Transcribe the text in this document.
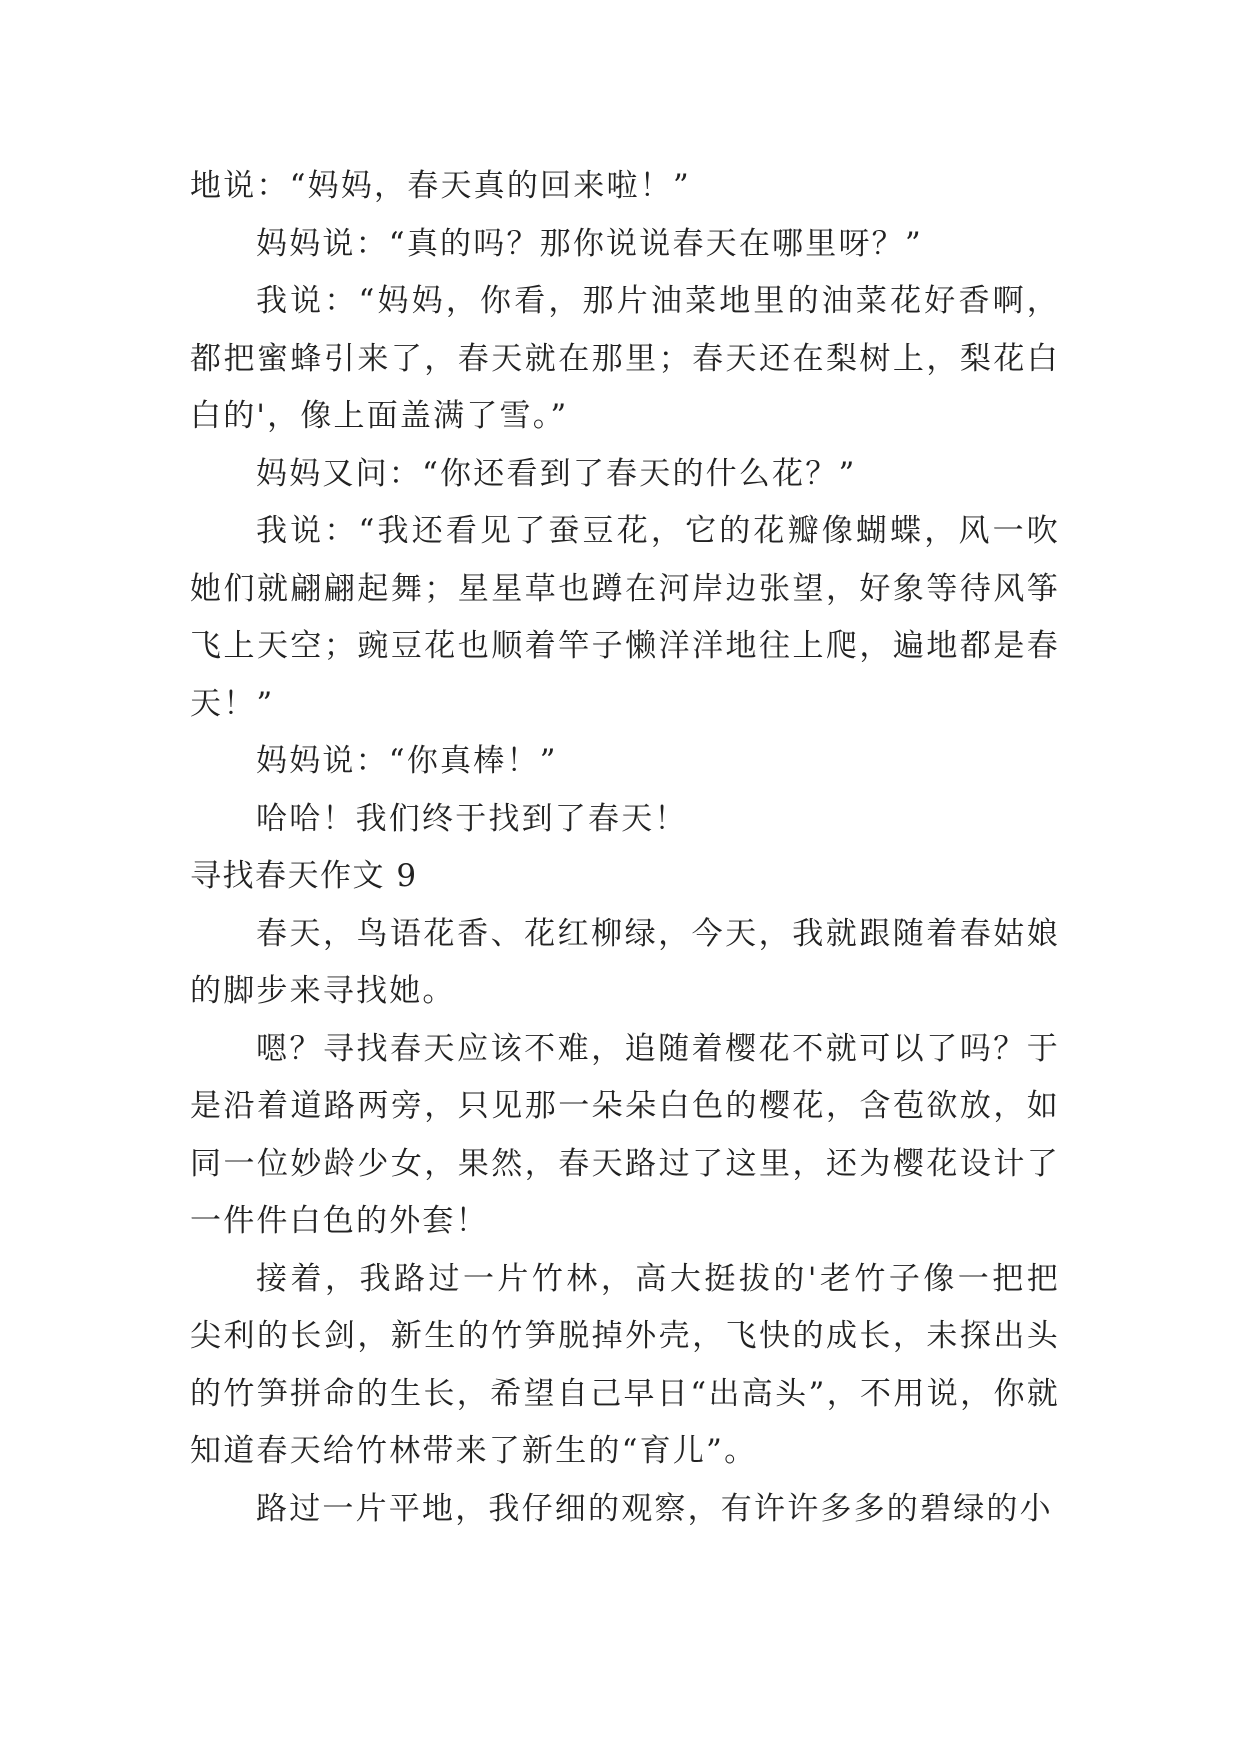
地说：“妈妈，春天真的回来啦！”

妈妈说：“真的吗？那你说说春天在哪里呀？”

我说：“妈妈，你看，那片油菜地里的油菜花好香啊，都把蜜蜂引来了，春天就在那里；春天还在梨树上，梨花白白的'，像上面盖满了雪。”

妈妈又问：“你还看到了春天的什么花？”

我说：“我还看见了蚕豆花，它的花瓣像蝴蝶，风一吹她们就翩翩起舞；星星草也蹲在河岸边张望，好象等待风筝飞上天空；豌豆花也顺着竿子懒洋洋地往上爬，遍地都是春天！”

妈妈说：“你真棒！”

哈哈！我们终于找到了春天！

寻找春天作文 9

春天，鸟语花香、花红柳绿，今天，我就跟随着春姑娘的脚步来寻找她。

嗯？寻找春天应该不难，追随着樱花不就可以了吗？于是沿着道路两旁，只见那一朵朵白色的樱花，含苞欲放，如同一位妙龄少女，果然，春天路过了这里，还为樱花设计了一件件白色的外套！

接着，我路过一片竹林，高大挺拔的'老竹子像一把把尖利的长剑，新生的竹笋脱掉外壳，飞快的成长，未探出头的竹笋拼命的生长，希望自己早日“出高头”，不用说，你就知道春天给竹林带来了新生的“育儿”。

路过一片平地，我仔细的观察，有许许多多的碧绿的小
